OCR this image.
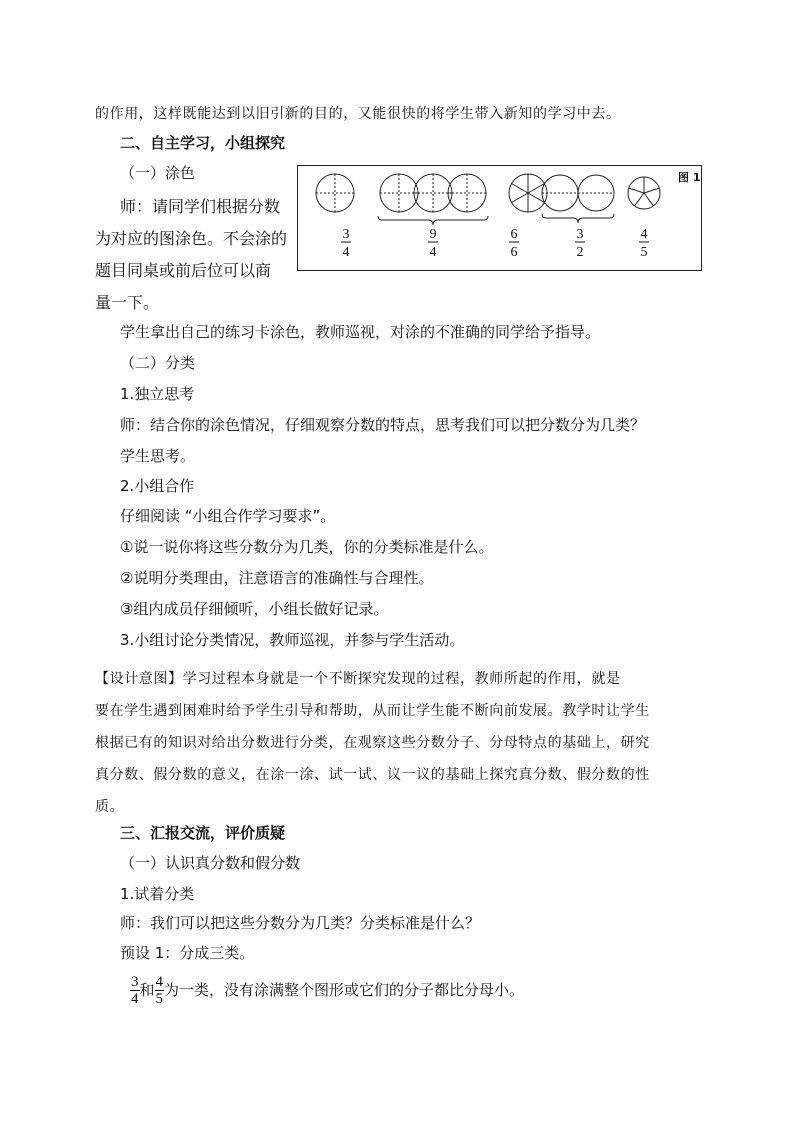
的作用，这样既能达到以旧引新的目的，又能很快的将学生带入新知的学习中去。

二、自主学习，小组探究

（一）涂色

师：请同学们根据分数

为对应的图涂色。不会涂的

题目同桌或前后位可以商

量一下。

图 1
3
4
9
4
6
6
3
2
4
5

学生拿出自己的练习卡涂色，教师巡视，对涂的不准确的同学给予指导。

（二）分类

1.独立思考

师：结合你的涂色情况，仔细观察分数的特点，思考我们可以把分数分为几类？

学生思考。

2.小组合作

仔细阅读 “小组合作学习要求”。

①说一说你将这些分数分为几类，你的分类标准是什么。

②说明分类理由，注意语言的准确性与合理性。

③组内成员仔细倾听，小组长做好记录。

3.小组讨论分类情况，教师巡视，并参与学生活动。

【设计意图】学习过程本身就是一个不断探究发现的过程，教师所起的作用，就是

要在学生遇到困难时给予学生引导和帮助，从而让学生能不断向前发展。教学时让学生

根据已有的知识对给出分数进行分类，在观察这些分数分子、分母特点的基础上，研究

真分数、假分数的意义，在涂一涂、试一试、议一议的基础上探究真分数、假分数的性

质。

三、汇报交流，评价质疑

（一）认识真分数和假分数

1.试着分类

师：我们可以把这些分数分为几类？分类标准是什么？

预设 1：分成三类。

$\frac{3}{4}$ 和 $\frac{4}{5}$ 为一类，没有涂满整个图形或它们的分子都比分母小。
